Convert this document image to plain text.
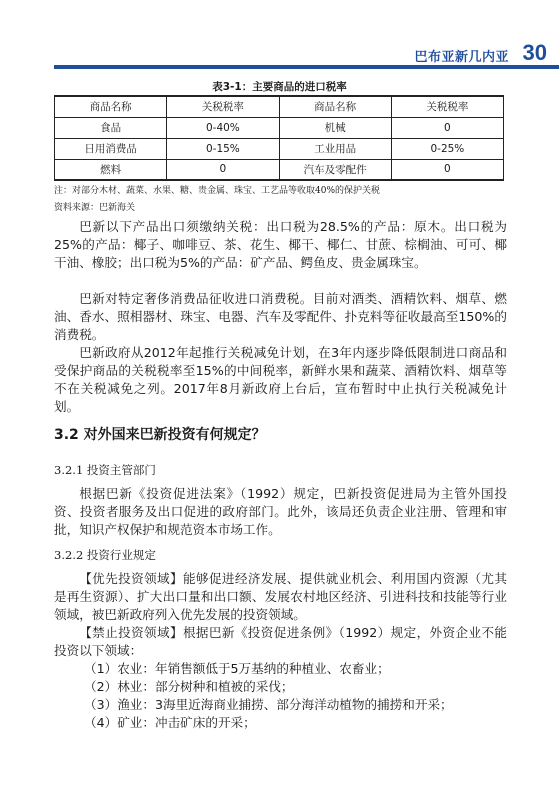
巴布亚新几内亚 30
表3-1：主要商品的进口税率
商品名称	关税税率	商品名称	关税税率
食品	0-40%	机械	0
日用消费品	0-15%	工业用品	0-25%
燃料	0	汽车及零配件	0
注：对部分木材、蔬菜、水果、糖、贵金属、珠宝、工艺品等收取40%的保护关税
资料来源：巴新海关

巴新以下产品出口须缴纳关税：出口税为28.5%的产品：原木。出口税为25%的产品：椰子、咖啡豆、茶、花生、椰干、椰仁、甘蔗、棕榈油、可可、椰干油、橡胶；出口税为5%的产品：矿产品、鳄鱼皮、贵金属珠宝。

巴新对特定奢侈消费品征收进口消费税。目前对酒类、酒精饮料、烟草、燃油、香水、照相器材、珠宝、电器、汽车及零配件、扑克料等征收最高至150%的消费税。

巴新政府从2012年起推行关税减免计划，在3年内逐步降低限制进口商品和受保护商品的关税税率至15%的中间税率，新鲜水果和蔬菜、酒精饮料、烟草等不在关税减免之列。2017年8月新政府上台后，宣布暂时中止执行关税减免计划。

3.2 对外国来巴新投资有何规定？
3.2.1 投资主管部门

根据巴新《投资促进法案》（1992）规定，巴新投资促进局为主管外国投资、投资者服务及出口促进的政府部门。此外，该局还负责企业注册、管理和审批，知识产权保护和规范资本市场工作。

3.2.2 投资行业规定

【优先投资领域】能够促进经济发展、提供就业机会、利用国内资源（尤其是再生资源）、扩大出口量和出口额、发展农村地区经济、引进科技和技能等行业领域，被巴新政府列入优先发展的投资领域。

【禁止投资领域】根据巴新《投资促进条例》（1992）规定，外资企业不能投资以下领域：

（1）农业：年销售额低于5万基纳的种植业、农畜业；
（2）林业：部分树种和植被的采伐；
（3）渔业：3海里近海商业捕捞、部分海洋动植物的捕捞和开采；
（4）矿业：冲击矿床的开采；
